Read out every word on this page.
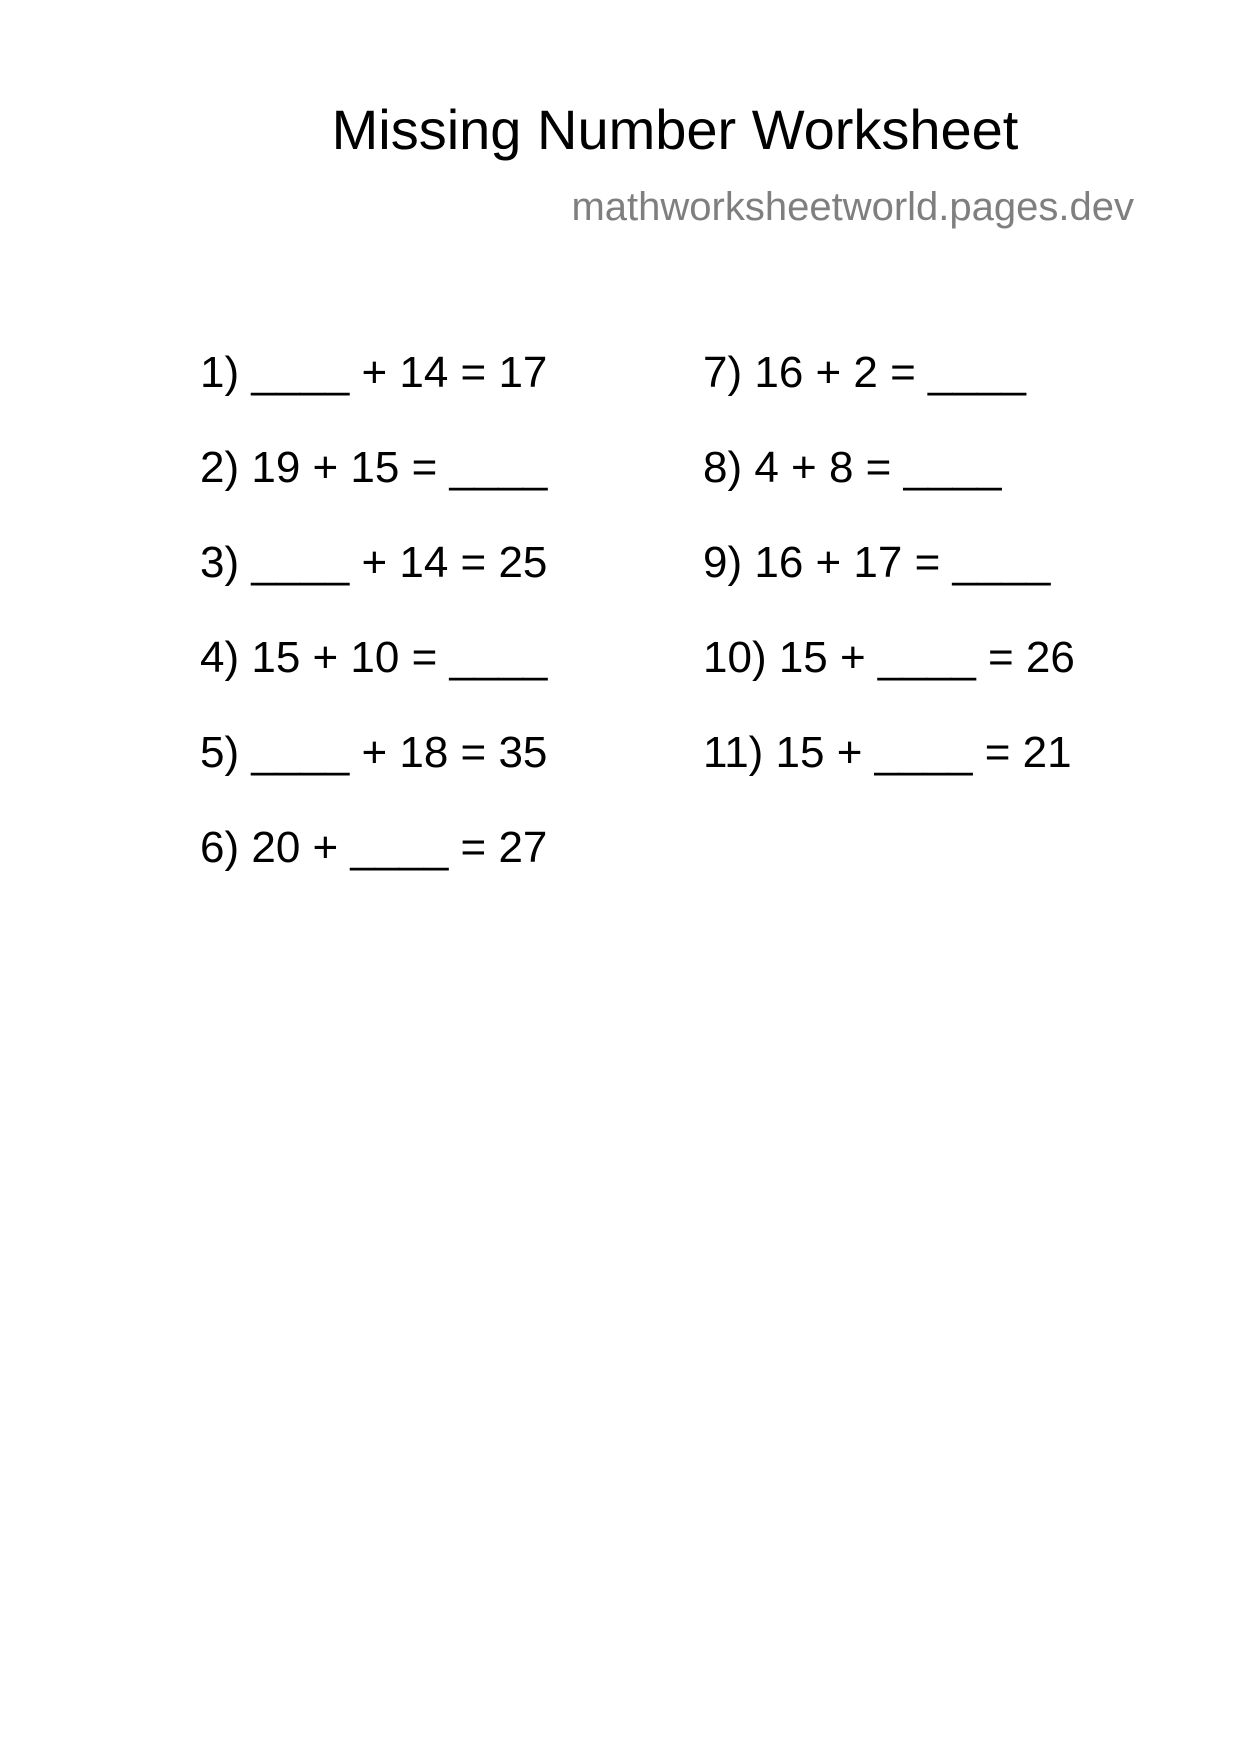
Missing Number Worksheet
mathworksheetworld.pages.dev
1) ____ + 14 = 17
2) 19 + 15 = ____
3) ____ + 14 = 25
4) 15 + 10 = ____
5) ____ + 18 = 35
6) 20 + ____ = 27
7) 16 + 2 = ____
8) 4 + 8 = ____
9) 16 + 17 = ____
10) 15 + ____ = 26
11) 15 + ____ = 21
